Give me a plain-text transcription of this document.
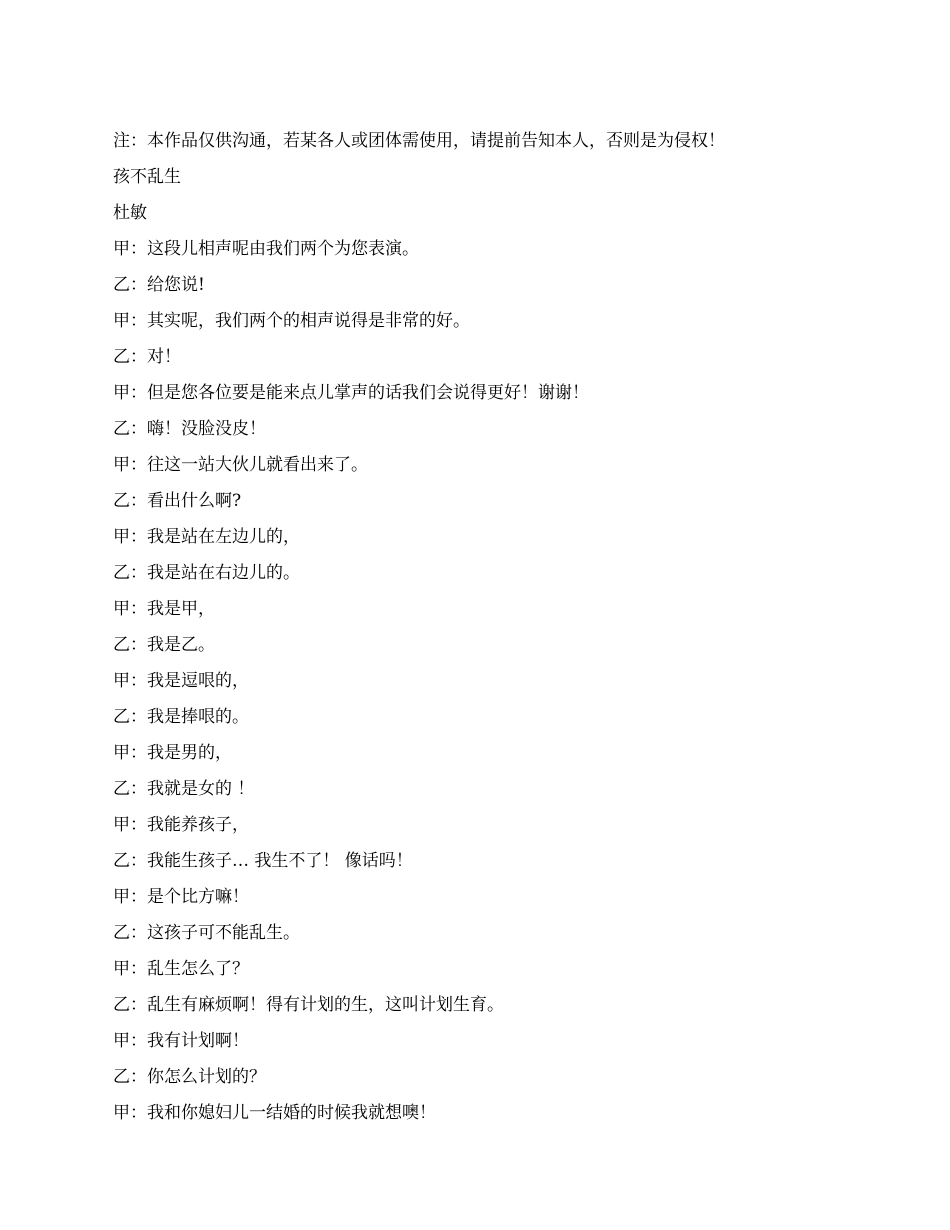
注：本作品仅供沟通，若某各人或团体需使用，请提前告知本人，否则是为侵权！
孩不乱生
杜敏
甲：这段儿相声呢由我们两个为您表演。
乙：给您说!
甲：其实呢，我们两个的相声说得是非常的好。
乙：对！
甲：但是您各位要是能来点儿掌声的话我们会说得更好！谢谢！
乙：嗨！没脸没皮！
甲：往这一站大伙儿就看出来了。
乙：看出什么啊?
甲：我是站在左边儿的，
乙：我是站在右边儿的。
甲：我是甲，
乙：我是乙。
甲：我是逗哏的，
乙：我是捧哏的。
甲：我是男的，
乙：我就是女的 ！
甲：我能养孩子，
乙：我能生孩子… 我生不了！ 像话吗！
甲：是个比方嘛！
乙：这孩子可不能乱生。
甲：乱生怎么了？
乙：乱生有麻烦啊！得有计划的生，这叫计划生育。
甲：我有计划啊！
乙：你怎么计划的？
甲：我和你媳妇儿一结婚的时候我就想噢！
